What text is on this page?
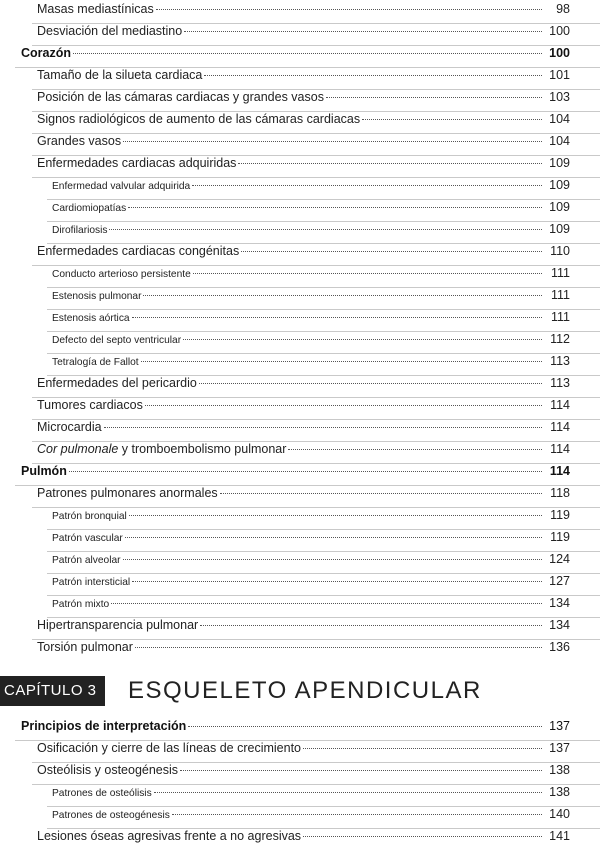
Masas mediastínicas	98
Desviación del mediastino	100
Corazón	100
Tamaño de la silueta cardiaca	101
Posición de las cámaras cardiacas y grandes vasos	103
Signos radiológicos de aumento de las cámaras cardiacas	104
Grandes vasos	104
Enfermedades cardiacas adquiridas	109
Enfermedad valvular adquirida	109
Cardiomiopatías	109
Dirofilariosis	109
Enfermedades cardiacas congénitas	110
Conducto arterioso persistente	111
Estenosis pulmonar	111
Estenosis aórtica	111
Defecto del septo ventricular	112
Tetralogía de Fallot	113
Enfermedades del pericardio	113
Tumores cardiacos	114
Microcardia	114
Cor pulmonale y tromboembolismo pulmonar	114
Pulmón	114
Patrones pulmonares anormales	118
Patrón bronquial	119
Patrón vascular	119
Patrón alveolar	124
Patrón intersticial	127
Patrón mixto	134
Hipertransparencia pulmonar	134
Torsión pulmonar	136
CAPÍTULO 3	ESQUELETO APENDICULAR
Principios de interpretación	137
Osificación y cierre de las líneas de crecimiento	137
Osteólisis y osteogénesis	138
Patrones de osteólisis	138
Patrones de osteogénesis	140
Lesiones óseas agresivas frente a no agresivas	141
